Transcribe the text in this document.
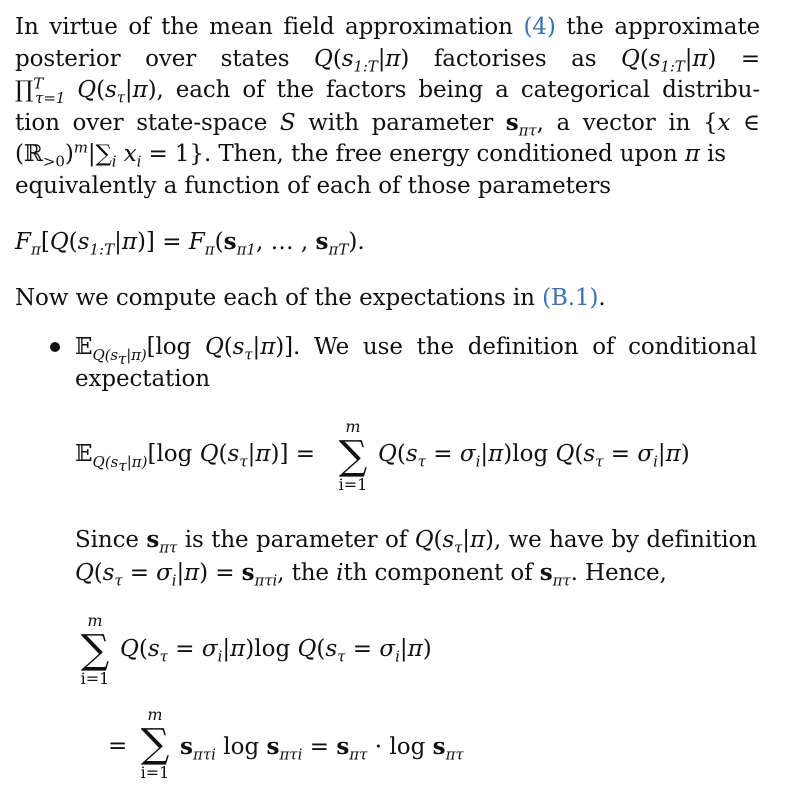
In virtue of the mean field approximation (4) the approximate
posterior over states $Q(s_{1:T}|\pi)$ factorises as $Q(s_{1:T}|\pi)$ =
∏$^T_{\tau=1}$ $Q(s_\tau|\pi)$, each of the factors being a categorical distribu-
tion over state-space S with parameter $s_{\pi\tau}$, a vector in {x ∈
$(ℝ_{>0})^m|\sum_i$ $x_i = 1$}. Then, the free energy conditioned upon π is
equivalently a function of each of those parameters
$F_\pi[Q(s_{1:T}|\pi)] = F_\pi(s_{\pi 1}$, … , $s_{\pi T}$).
Now we compute each of the expectations in (B.1).
𝔼$_{Q(s_\tau|\pi)}$[log $Q(s_\tau|\pi)$]. We use the definition of conditional
expectation
𝔼$_{Q(s_\tau|\pi)}$[log $Q(s_\tau|\pi)$] =
m
∑
i=1
$Q(s_\tau = \sigma_i|\pi)\log$ $Q(s_\tau = \sigma_i|\pi)$
Since $s_{\pi\tau}$ is the parameter of $Q(s_\tau|\pi)$, we have by definition
$Q(s_\tau = \sigma_i|\pi) = s_{\pi\tau i}$, the ith component of $s_{\pi\tau}$. Hence,
m
∑
i=1
$Q(s_\tau = \sigma_i|\pi)\log$ $Q(s_\tau = \sigma_i|\pi)$
=
m
∑
i=1
$s_{\pi\tau i}$ $\log s_{\pi\tau i} = s_{\pi\tau} \cdot \log s_{\pi\tau}$
